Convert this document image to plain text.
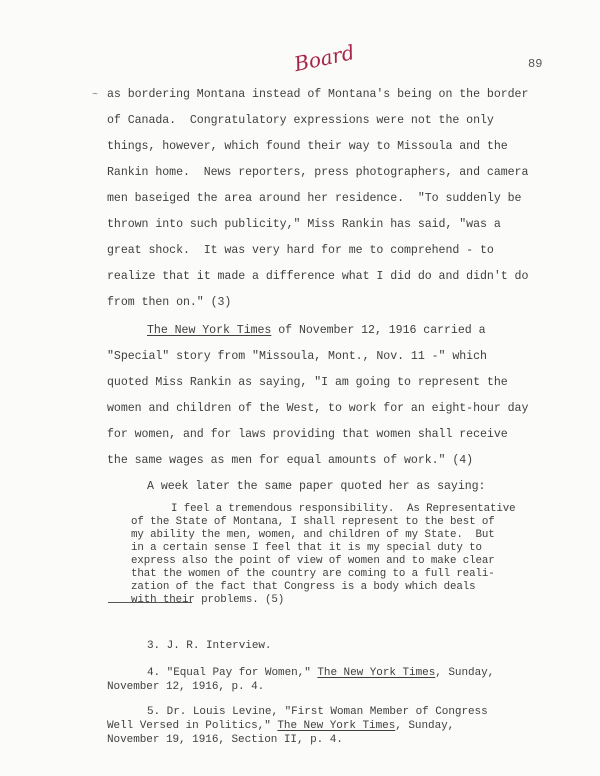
Board	89
~ as bordering Montana instead of Montana's being on the border
of Canada.  Congratulatory expressions were not the only
things, however, which found their way to Missoula and the
Rankin home.  News reporters, press photographers, and camera
men baseiged the area around her residence.  "To suddenly be
thrown into such publicity," Miss Rankin has said, "was a
great shock.  It was very hard for me to comprehend - to
realize that it made a difference what I did do and didn't do
from then on." (3)
The New York Times of November 12, 1916 carried a
"Special" story from "Missoula, Mont., Nov. 11 -" which
quoted Miss Rankin as saying, "I am going to represent the
women and children of the West, to work for an eight-hour day
for women, and for laws providing that women shall receive
the same wages as men for equal amounts of work." (4)
A week later the same paper quoted her as saying:
I feel a tremendous responsibility.  As Representative
of the State of Montana, I shall represent to the best of
my ability the men, women, and children of my State.  But
in a certain sense I feel that it is my special duty to
express also the point of view of women and to make clear
that the women of the country are coming to a full reali-
zation of the fact that Congress is a body which deals
with their problems. (5)
3. J. R. Interview.
4. "Equal Pay for Women," The New York Times, Sunday,
November 12, 1916, p. 4.
5. Dr. Louis Levine, "First Woman Member of Congress
Well Versed in Politics," The New York Times, Sunday,
November 19, 1916, Section II, p. 4.
